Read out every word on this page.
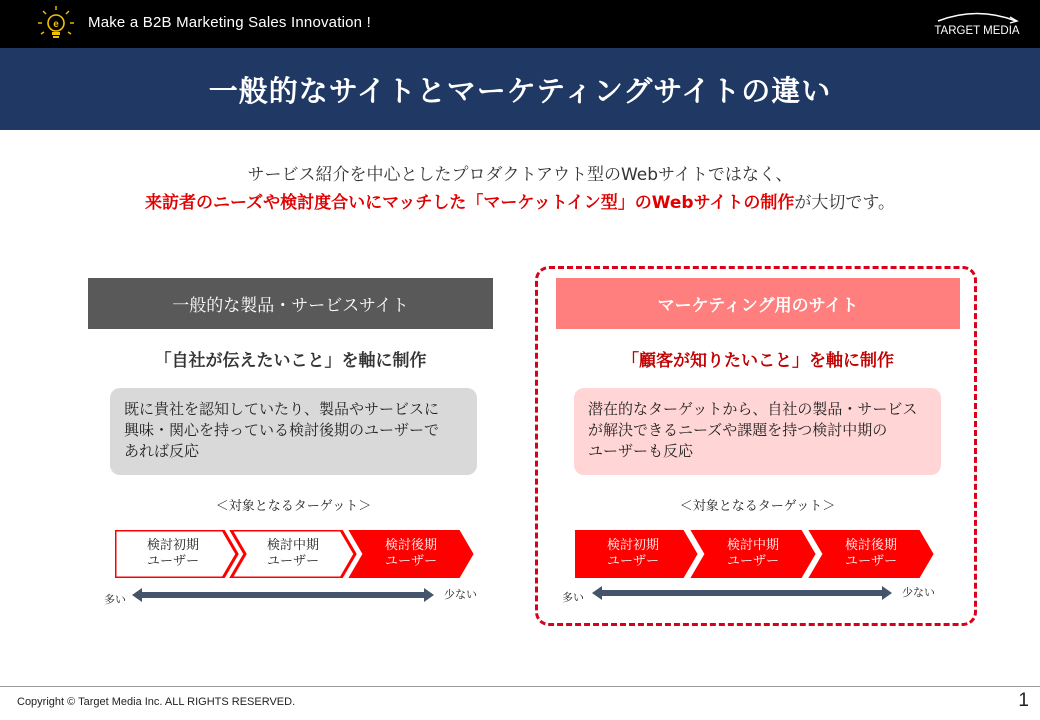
e Make a B2B Marketing Sales Innovation !	TARGET MEDIA
一般的なサイトとマーケティングサイトの違い
サービス紹介を中心としたプロダクトアウト型のWebサイトではなく、
来訪者のニーズや検討度合いにマッチした「マーケットイン型」のWebサイトの制作が大切です。
一般的な製品・サービスサイト	マーケティング用のサイト
「自社が伝えたいこと」を軸に制作	「顧客が知りたいこと」を軸に制作
既に貴社を認知していたり、製品やサービスに
興味・関心を持っている検討後期のユーザーで
あれば反応
潜在的なターゲットから、自社の製品・サービス
が解決できるニーズや課題を持つ検討中期の
ユーザーも反応
＜対象となるターゲット＞	＜対象となるターゲット＞
検討初期
ユーザー
検討中期
ユーザー
検討後期
ユーザー
検討初期
ユーザー
検討中期
ユーザー
検討後期
ユーザー
多い	少ない	多い	少ない
Copyright © Target Media Inc. ALL RIGHTS RESERVED.	1
